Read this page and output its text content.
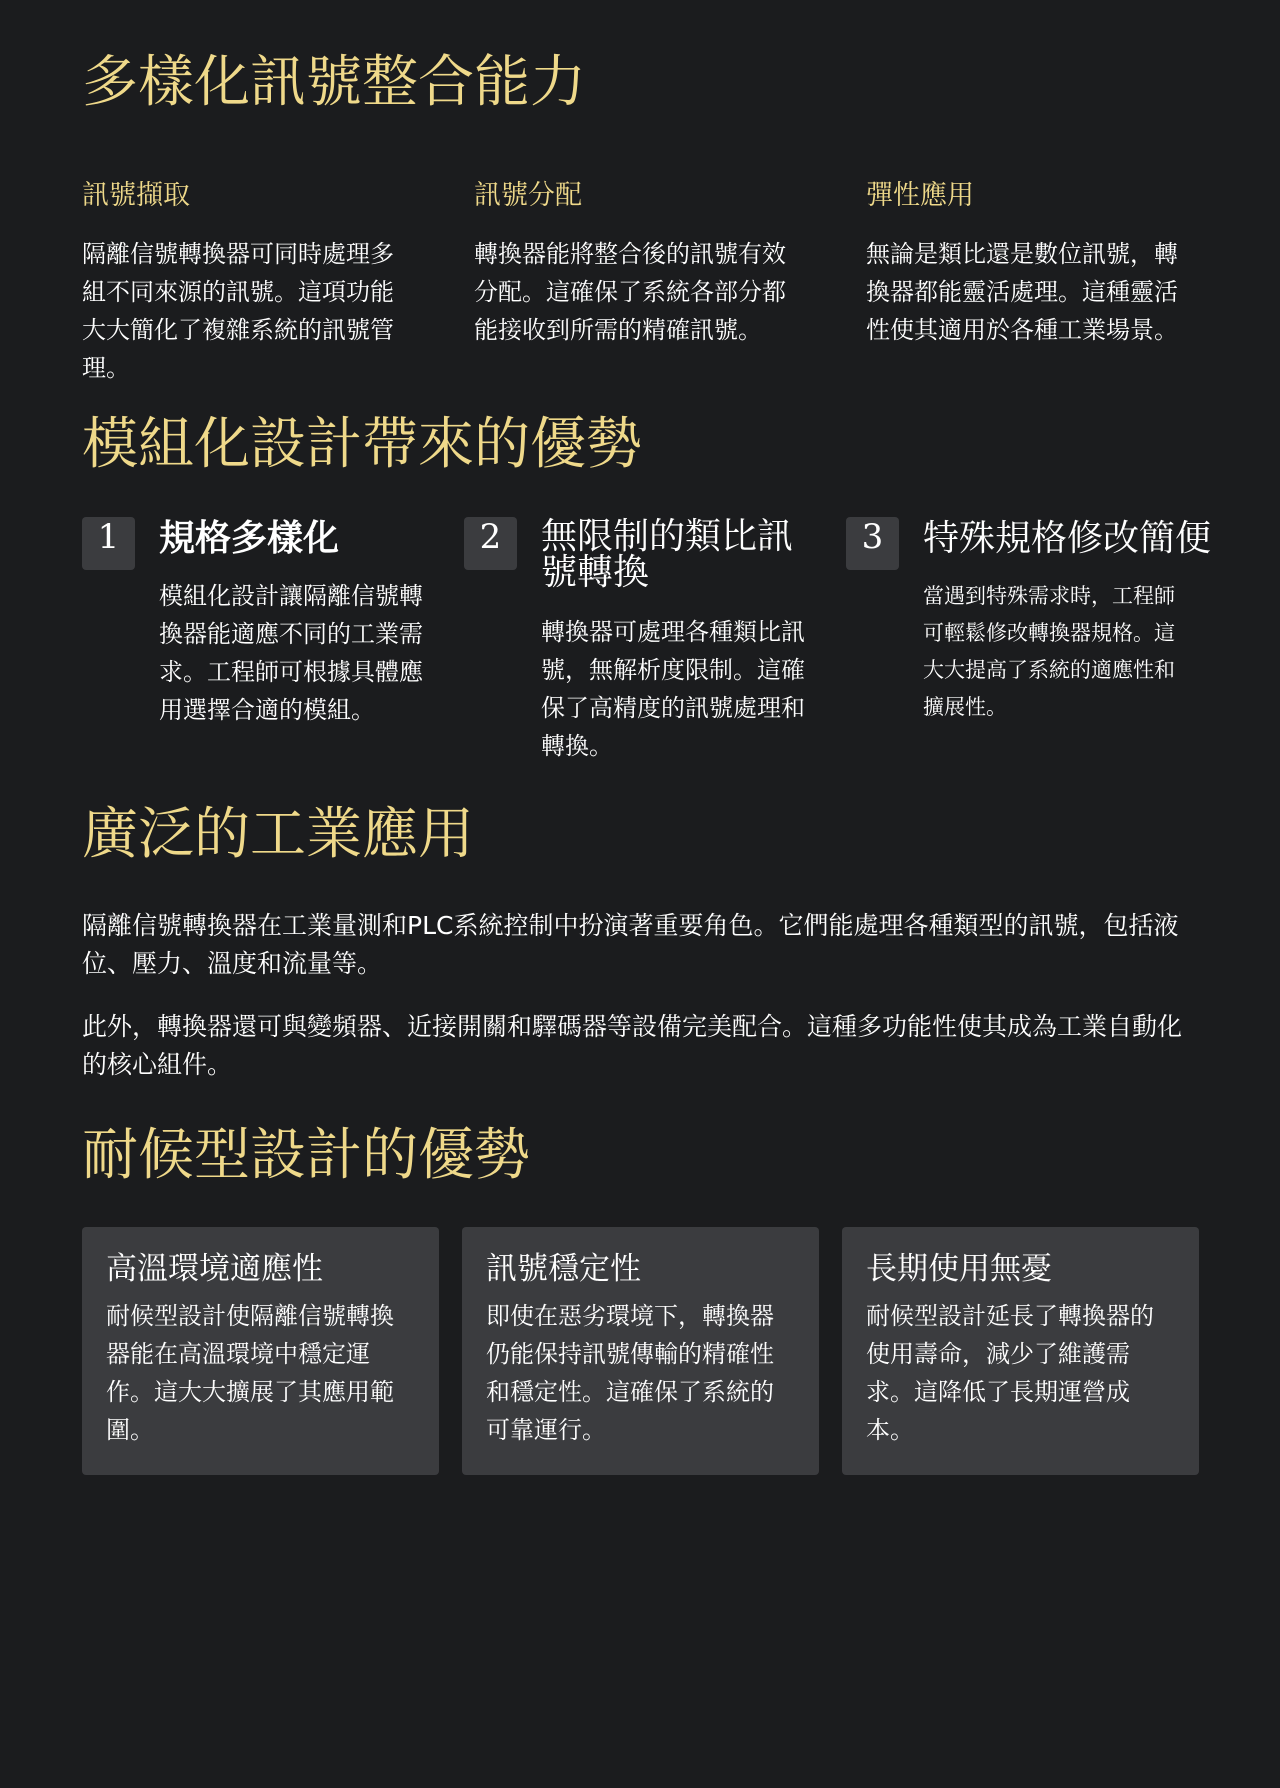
多樣化訊號整合能力
訊號擷取

隔離信號轉換器可同時處理多組不同來源的訊號。這項功能大大簡化了複雜系統的訊號管理。

訊號分配

轉換器能將整合後的訊號有效分配。這確保了系統各部分都能接收到所需的精確訊號。

彈性應用

無論是類比還是數位訊號，轉換器都能靈活處理。這種靈活性使其適用於各種工業場景。

模組化設計帶來的優勢
1	規格多樣化

模組化設計讓隔離信號轉換器能適應不同的工業需求。工程師可根據具體應用選擇合適的模組。

2	無限制的類比訊號轉換

轉換器可處理各種類比訊號，無解析度限制。這確保了高精度的訊號處理和轉換。

3	特殊規格修改簡便

當遇到特殊需求時，工程師可輕鬆修改轉換器規格。這大大提高了系統的適應性和擴展性。

廣泛的工業應用

隔離信號轉換器在工業量測和PLC系統控制中扮演著重要角色。它們能處理各種類型的訊號，包括液位、壓力、溫度和流量等。

此外，轉換器還可與變頻器、近接開關和驛碼器等設備完美配合。這種多功能性使其成為工業自動化的核心組件。

耐候型設計的優勢
高溫環境適應性

耐候型設計使隔離信號轉換器能在高溫環境中穩定運作。這大大擴展了其應用範圍。

訊號穩定性

即使在惡劣環境下，轉換器仍能保持訊號傳輸的精確性和穩定性。這確保了系統的可靠運行。

長期使用無憂

耐候型設計延長了轉換器的使用壽命，減少了維護需求。這降低了長期運營成本。
